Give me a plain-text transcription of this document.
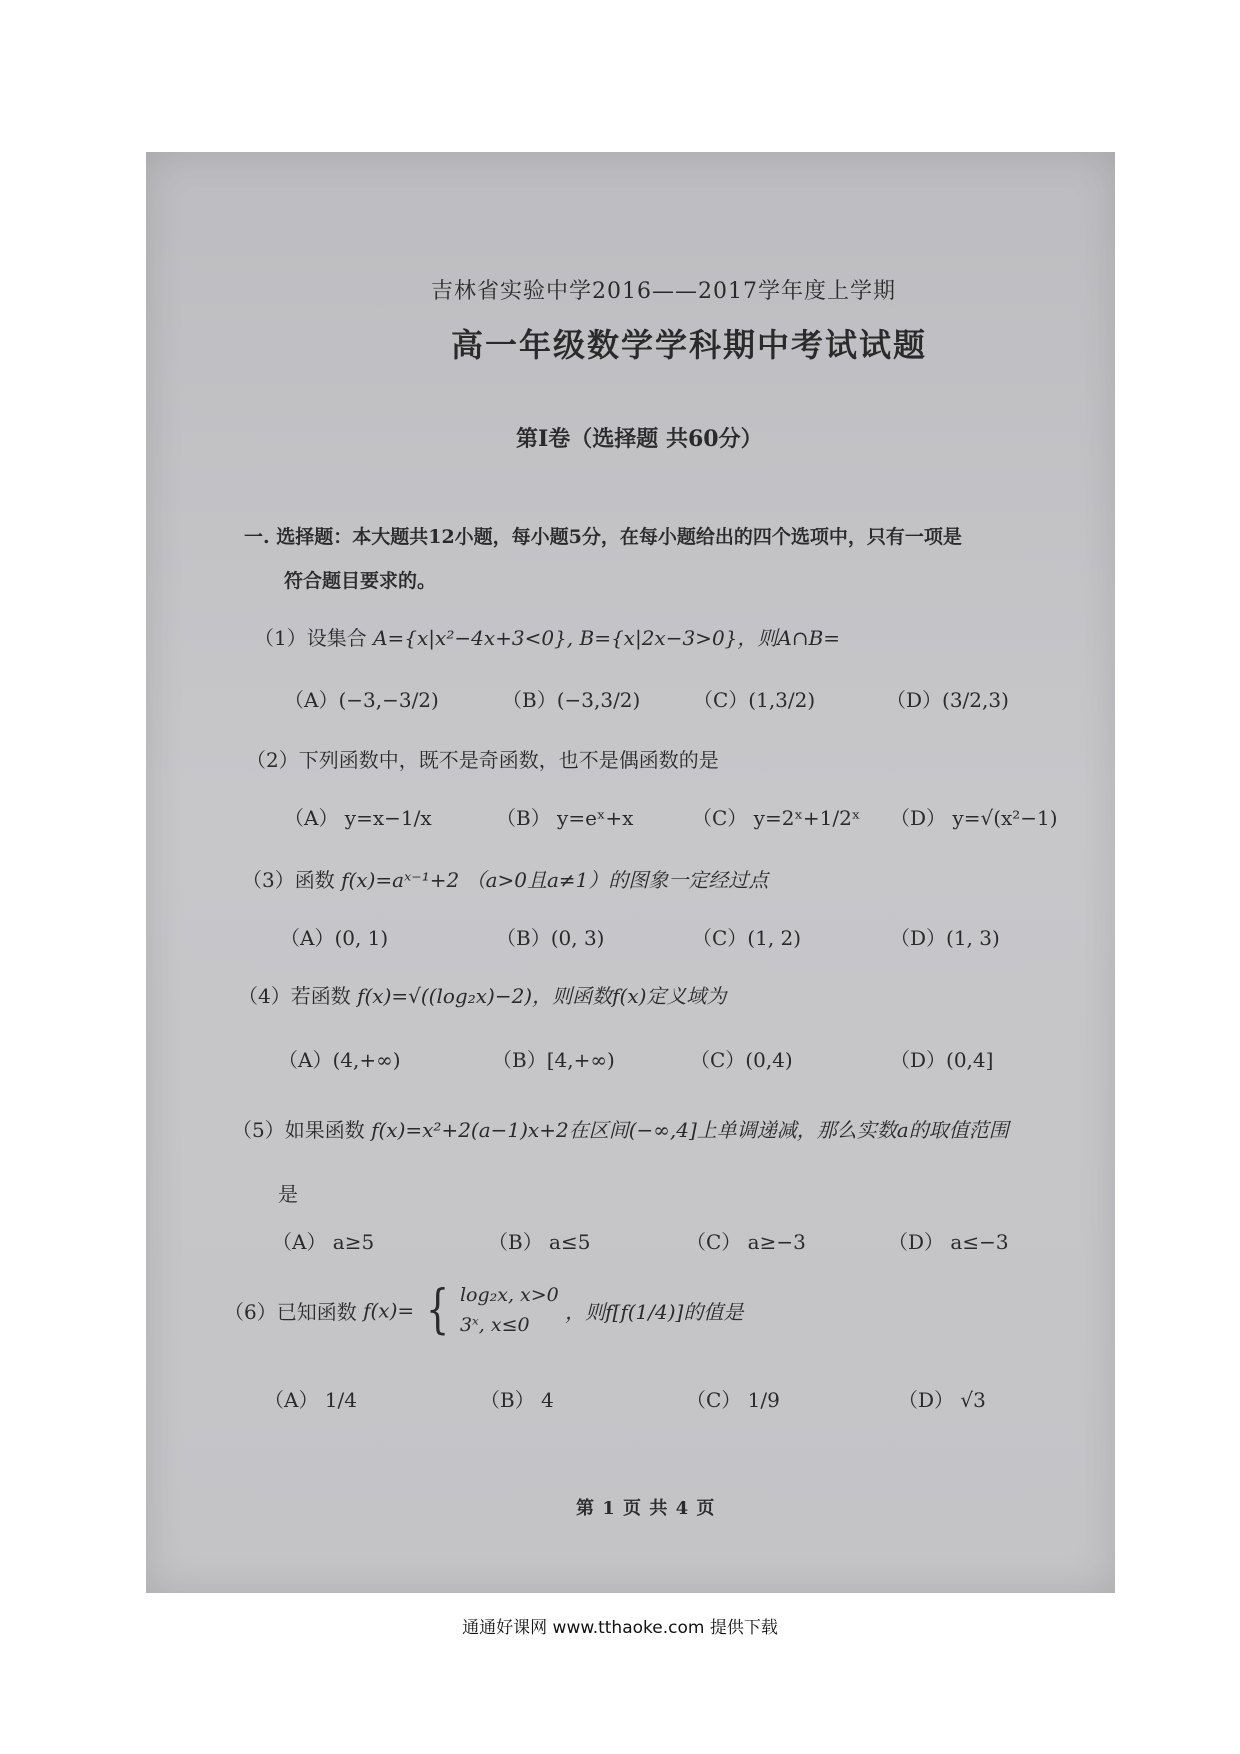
吉林省实验中学2016——2017学年度上学期
高一年级数学学科期中考试试题
第Ⅰ卷（选择题 共60分）
一. 选择题：本大题共12小题，每小题5分，在每小题给出的四个选项中，只有一项是
符合题目要求的。
（1）设集合 A={x|x²−4x+3<0}, B={x|2x−3>0}，则A∩B=
（A）(−3,−3/2)	（B）(−3,3/2)	（C）(1,3/2)	（D）(3/2,3)
（2）下列函数中，既不是奇函数，也不是偶函数的是
（A） y=x−1/x	（B） y=eˣ+x	（C） y=2ˣ+1/2ˣ （D） y=√(x²−1)
（3）函数 f(x)=aˣ⁻¹+2 （a>0且a≠1）的图象一定经过点
（A）(0, 1)	（B）(0, 3)	（C）(1, 2)	（D）(1, 3)
（4）若函数 f(x)=√((log₂x)−2)，则函数f(x)定义域为
（A）(4,+∞)	（B）[4,+∞)	（C）(0,4)	（D）(0,4]
（5）如果函数 f(x)=x²+2(a−1)x+2在区间(−∞,4]上单调递减，那么实数a的取值范围
是
（A） a≥5	（B） a≤5	（C） a≥−3	（D） a≤−3
（6）已知函数 f(x)= { log₂x, x>0
3ˣ, x≤0
，则f[f(1/4)]的值是
（A） 1/4	（B） 4	（C） 1/9	（D） √3
第 1 页 共 4 页
通通好课网 www.tthaoke.com 提供下载
